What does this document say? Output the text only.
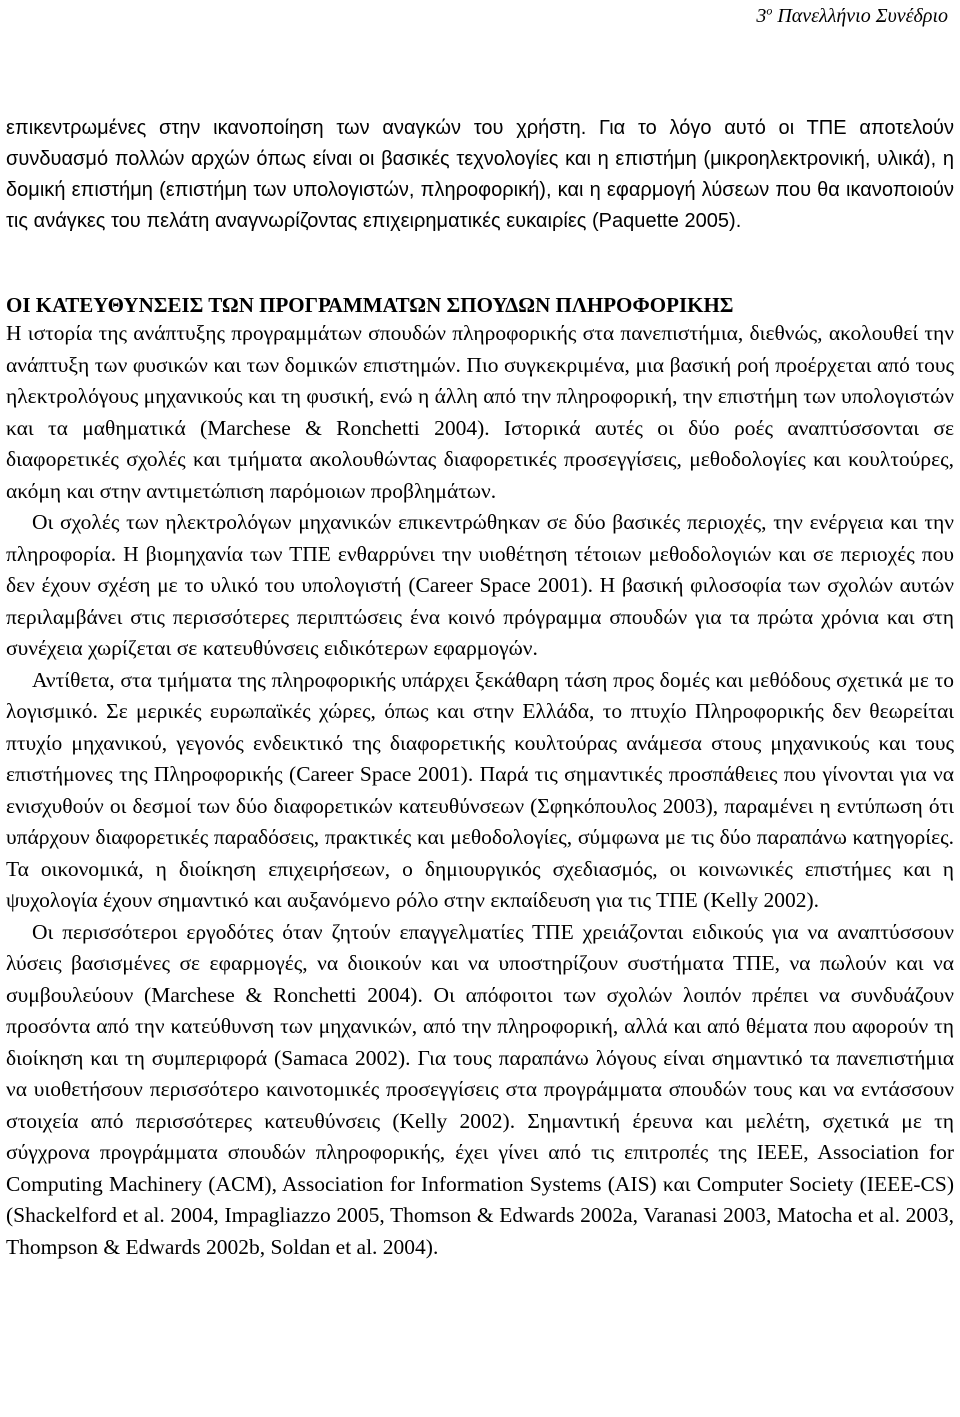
$3^o$ Πανελλήνιο Συνέδριο

επικεντρωμένες στην ικανοποίηση των αναγκών του χρήστη. Για το λόγο αυτό οι ΤΠΕ αποτελούν συνδυασμό πολλών αρχών όπως είναι οι βασικές τεχνολογίες και η επιστήμη (μικροηλεκτρονική, υλικά), η δομική επιστήμη (επιστήμη των υπολογιστών, πληροφορική), και η εφαρμογή λύσεων που θα ικανοποιούν τις ανάγκες του πελάτη αναγνωρίζοντας επιχειρηματικές ευκαιρίες (Paquette 2005).

ΟΙ ΚΑΤΕΥΘΥΝΣΕΙΣ ΤΩΝ ΠΡΟΓΡΑΜΜΑΤΩΝ ΣΠΟΥΔΩΝ ΠΛΗΡΟΦΟΡΙΚΗΣ

Η ιστορία της ανάπτυξης προγραμμάτων σπουδών πληροφορικής στα πανεπιστήμια, διεθνώς, ακολουθεί την ανάπτυξη των φυσικών και των δομικών επιστημών. Πιο συγκεκριμένα, μια βασική ροή προέρχεται από τους ηλεκτρολόγους μηχανικούς και τη φυσική, ενώ η άλλη από την πληροφορική, την επιστήμη των υπολογιστών και τα μαθηματικά (Marchese & Ronchetti 2004). Ιστορικά αυτές οι δύο ροές αναπτύσσονται σε διαφορετικές σχολές και τμήματα ακολουθώντας διαφορετικές προσεγγίσεις, μεθοδολογίες και κουλτούρες, ακόμη και στην αντιμετώπιση παρόμοιων προβλημάτων.

Οι σχολές των ηλεκτρολόγων μηχανικών επικεντρώθηκαν σε δύο βασικές περιοχές, την ενέργεια και την πληροφορία. Η βιομηχανία των ΤΠΕ ενθαρρύνει την υιοθέτηση τέτοιων μεθοδολογιών και σε περιοχές που δεν έχουν σχέση με το υλικό του υπολογιστή (Career Space 2001). Η βασική φιλοσοφία των σχολών αυτών περιλαμβάνει στις περισσότερες περιπτώσεις ένα κοινό πρόγραμμα σπουδών για τα πρώτα χρόνια και στη συνέχεια χωρίζεται σε κατευθύνσεις ειδικότερων εφαρμογών.

Αντίθετα, στα τμήματα της πληροφορικής υπάρχει ξεκάθαρη τάση προς δομές και μεθόδους σχετικά με το λογισμικό. Σε μερικές ευρωπαϊκές χώρες, όπως και στην Ελλάδα, το πτυχίο Πληροφορικής δεν θεωρείται πτυχίο μηχανικού, γεγονός ενδεικτικό της διαφορετικής κουλτούρας ανάμεσα στους μηχανικούς και τους επιστήμονες της Πληροφορικής (Career Space 2001). Παρά τις σημαντικές προσπάθειες που γίνονται για να ενισχυθούν οι δεσμοί των δύο διαφορετικών κατευθύνσεων (Σφηκόπουλος 2003), παραμένει η εντύπωση ότι υπάρχουν διαφορετικές παραδόσεις, πρακτικές και μεθοδολογίες, σύμφωνα με τις δύο παραπάνω κατηγορίες. Τα οικονομικά, η διοίκηση επιχειρήσεων, ο δημιουργικός σχεδιασμός, οι κοινωνικές επιστήμες και η ψυχολογία έχουν σημαντικό και αυξανόμενο ρόλο στην εκπαίδευση για τις ΤΠΕ (Kelly 2002).

Οι περισσότεροι εργοδότες όταν ζητούν επαγγελματίες ΤΠΕ χρειάζονται ειδικούς για να αναπτύσσουν λύσεις βασισμένες σε εφαρμογές, να διοικούν και να υποστηρίζουν συστήματα ΤΠΕ, να πωλούν και να συμβουλεύουν (Marchese & Ronchetti 2004). Οι απόφοιτοι των σχολών λοιπόν πρέπει να συνδυάζουν προσόντα από την κατεύθυνση των μηχανικών, από την πληροφορική, αλλά και από θέματα που αφορούν τη διοίκηση και τη συμπεριφορά (Samaca 2002). Για τους παραπάνω λόγους είναι σημαντικό τα πανεπιστήμια να υιοθετήσουν περισσότερο καινοτομικές προσεγγίσεις στα προγράμματα σπουδών τους και να εντάσσουν στοιχεία από περισσότερες κατευθύνσεις (Kelly 2002). Σημαντική έρευνα και μελέτη, σχετικά με τη σύγχρονα προγράμματα σπουδών πληροφορικής, έχει γίνει από τις επιτροπές της IEEE, Association for Computing Machinery (ACM), Association for Information Systems (AIS) και Computer Society (IEEE-CS) (Shackelford et al. 2004, Impagliazzo 2005, Thomson & Edwards 2002a, Varanasi 2003, Matocha et al. 2003, Thompson & Edwards 2002b, Soldan et al. 2004).
